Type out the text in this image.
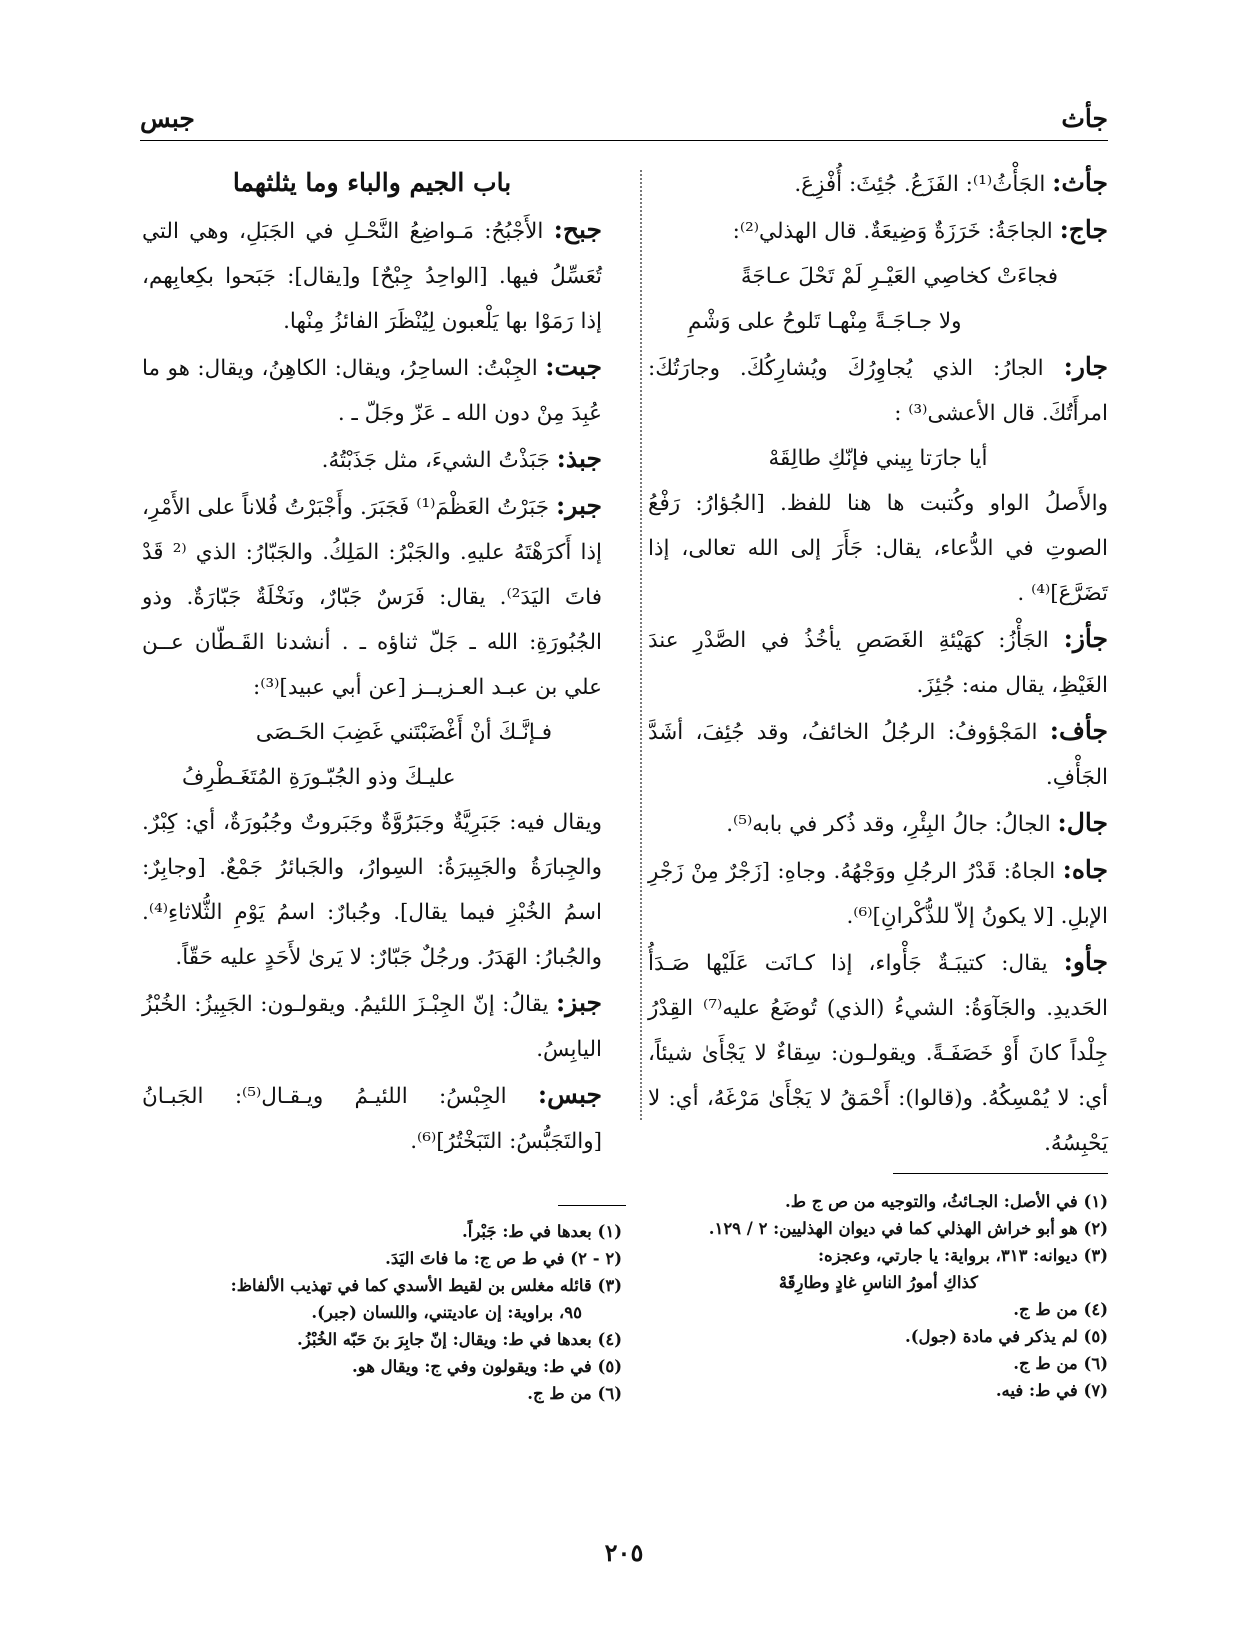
جأث
جبس

جأث: الجَأْثُ⁽¹⁾: الفَزَعُ. جُئِثَ: أُفْزِعَ.

جاج: الجاجَةُ: خَرَزَةٌ وَضِيعَةٌ. قال الهذلي⁽²⁾:

فجاءَتْ كخاصِي العَيْـرِ لَمْ تَحْلَ عـاجَةً

ولا جـاجَـةً مِنْهـا تَلوحُ على وَشْمِ

جار: الجارُ: الذي يُجاوِرُكَ ويُشارِكُكَ. وجارَتُكَ: امرأَتُكَ. قال الأعشى⁽³⁾ :

أيا جارَتا بِيني فإنّكِ طالِقَهْ

والأَصلُ الواو وكُتبت ها هنا للفظ. [الجُؤارُ: رَفْعُ الصوتِ في الدُّعاء، يقال: جَأَرَ إلى الله تعالى، إذا تَضَرَّعَ]⁽⁴⁾ .

جأز: الجَأْزُ: كهَيْئةِ الغَصَصِ يأخُذُ في الصَّدْرِ عندَ الغَيْظِ، يقال منه: جُئِزَ.

جأف: المَجْؤوفُ: الرجُلُ الخائفُ، وقد جُئِفَ، أشَدَّ الجَأْفِ.

جال: الجالُ: جالُ البِئْرِ، وقد ذُكر في بابه⁽⁵⁾.

جاه: الجاهُ: قَدْرُ الرجُلِ ووَجْهُهُ. وجاهِ: [زَجْرٌ مِنْ زَجْرِ الإبلِ. [لا يكونُ إلاّ للذُّكْرانِ]⁽⁶⁾.

جأو: يقال: كتيبَـةٌ جَأْواء، إذا كـانَت عَلَيْها صَـدَأُ الحَديدِ. والجَآوَةُ: الشيءُ (الذي) تُوضَعُ عليه⁽⁷⁾ القِدْرُ جِلْداً كانَ أَوْ خَصَفَـةً. ويقولـون: سِقاءٌ لا يَجْأَىٰ شيئاً، أي: لا يُمْسِكُهُ. و(قالوا): أَحْمَقُ لا يَجْأَىٰ مَرْغَهُ، أي: لا يَحْبِسُهُ.

باب الجيم والباء وما يثلثهما

جبح: الأَجْبُحُ: مَـواضِعُ النَّحْـلِ في الجَبَلِ، وهي التي تُعَسِّلُ فيها. [الواحِدُ جِبْحٌ] و[يقال]: جَبَحوا بكِعابِهم، إذا رَمَوْا بها يَلْعبون لِيُنْظَرَ الفائزُ مِنْها.

جبت: الجِبْتُ: الساحِرُ، ويقال: الكاهِنُ، ويقال: هو ما عُبِدَ مِنْ دون الله ـ عَزّ وجَلّ ـ .

جبذ: جَبَذْتُ الشيءَ، مثل جَذَبْتُهُ.

جبر: جَبَرْتُ العَظْمَ⁽¹⁾ فَجَبَرَ. وأَجْبَرْتُ فُلاناً على الأَمْرِ، إذا أَكرَهْتَهُ عليهِ. والجَبْرُ: المَلِكُ. والجَبّارُ: الذي ⁽² قَدْ فاتَ اليَدَ²⁾. يقال: فَرَسٌ جَبّارٌ، ونَخْلَةٌ جَبّارَةٌ. وذو الجُبُورَةِ: الله ـ جَلّ ثناؤه ـ . أنشدنا القَـطّان عــن علي بن عبـد العـزيــز [عن أبي عبيد]⁽³⁾:

فـإنَّـكَ أنْ أَغْضَبْتَني غَضِبَ الحَـصَى

عليـكَ وذو الجُبّـورَةِ المُتَغَـطْرِفُ

ويقال فيه: جَبَرِيَّةٌ وجَبَرُوَّةٌ وجَبَروتٌ وجُبُورَةٌ، أي: كِبْرٌ. والجِبارَةُ والجَبِيرَةُ: السِوارُ، والجَبائرُ جَمْعٌ. [وجابِرٌ: اسمُ الخُبْزِ فيما يقال]. وجُبارٌ: اسمُ يَوْمِ الثُّلاثاءِ⁽⁴⁾. والجُبارُ: الهَدَرُ. ورجُلٌ جَبّارٌ: لا يَرىٰ لأَحَدٍ عليه حَقّاً.

جبز: يقالُ: إنّ الجِبْـزَ اللئيمُ. ويقولـون: الجَبِيزُ: الخُبْزُ اليابِسُ.

جبس: الجِبْسُ: اللئيـمُ ويـقـال⁽⁵⁾: الجَبـانُ [والتَجَبُّسُ: التَبَخْتُرُ]⁽⁶⁾.

(١) في الأصل: الجـائثُ، والتوجيه من ص ج ط.

(٢) هو أبو خراش الهذلي كما في ديوان الهذليين: ٢ / ١٢٩.

(٣) ديوانه: ٣١٣، برواية: يا جارتي، وعجزه:

كذاكِ أمورُ الناسِ غادٍ وطارِقَهْ

(٤) من ط ج.

(٥) لم يذكر في مادة (جول).

(٦) من ط ج.

(٧) في ط: فيه.

(١) بعدها في ط: جَبْراً.

(٢ - ٢) في ط ص ج: ما فاتَ اليَدَ.

(٣) قائله مغلس بن لقيط الأسدي كما في تهذيب الألفاظ:

٩٥، براوية: إن عاديتني، واللسان (جبر).

(٤) بعدها في ط: ويقال: إنّ جابِرَ بنَ حَبّه الخُبْزُ.

(٥) في ط: ويقولون وفي ج: ويقال هو.

(٦) من ط ج.

٢٠٥
